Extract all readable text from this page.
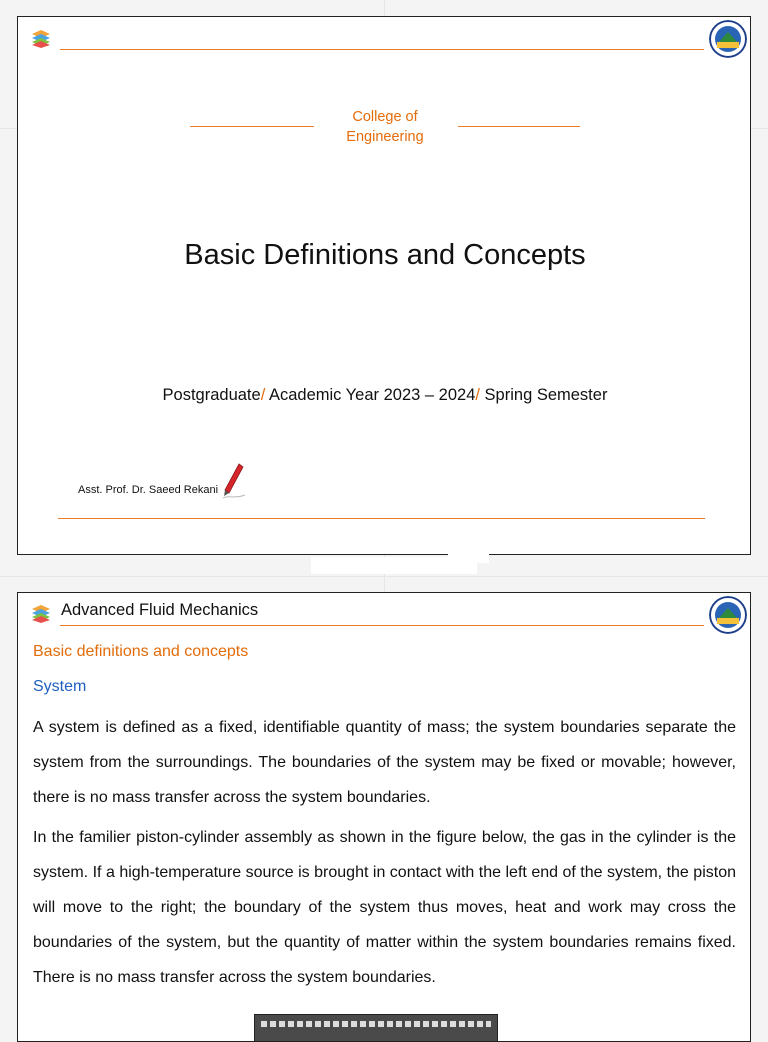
College of
Engineering
Basic Definitions and Concepts
Postgraduate/ Academic Year 2023 – 2024/ Spring Semester
Asst. Prof. Dr. Saeed Rekani
Advanced Fluid Mechanics
Basic definitions and concepts
System

A system is defined as a fixed, identifiable quantity of mass; the system boundaries separate the system from the surroundings. The boundaries of the system may be fixed or movable; however, there is no mass transfer across the system boundaries.

In the familier piston-cylinder assembly as shown in the figure below, the gas in the cylinder is the system. If a high-temperature source is brought in contact with the left end of the system, the piston will move to the right; the boundary of the system thus moves, heat and work may cross the boundaries of the system, but the quantity of matter within the system boundaries remains fixed. There is no mass transfer across the system boundaries.
